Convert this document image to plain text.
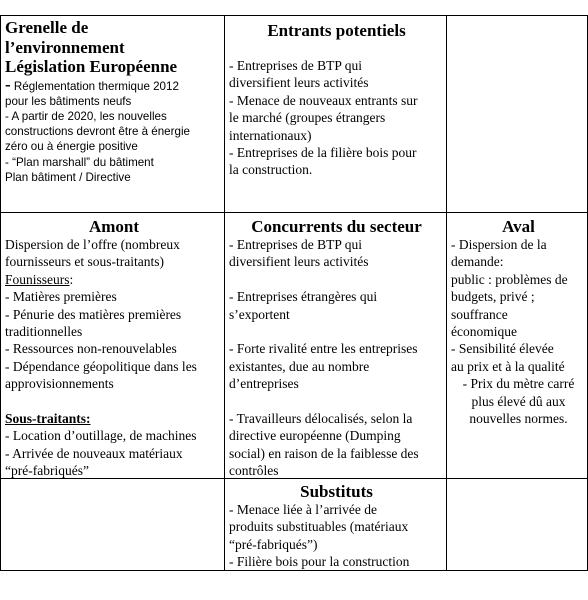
Grenelle de
l’environnement
Législation Européenne
- Réglementation thermique 2012
pour les bâtiments neufs
- A partir de 2020, les nouvelles
constructions devront être à énergie
zéro ou à énergie positive
- “Plan marshall” du bâtiment
Plan bâtiment / Directive
Entrants potentiels
- Entreprises de BTP qui
diversifient leurs activités
- Menace de nouveaux entrants sur
le marché (groupes étrangers
internationaux)
- Entreprises de la filière bois pour
la construction.
Amont
Dispersion de l’offre (nombreux
fournisseurs et sous-traitants)
Founisseurs:
- Matières premières
- Pénurie des matières premières
traditionnelles
- Ressources non-renouvelables
- Dépendance géopolitique dans les
approvisionnements
Sous-traitants:
- Location d’outillage, de machines
- Arrivée de nouveaux matériaux
“pré-fabriqués”
Concurrents du secteur
- Entreprises de BTP qui
diversifient leurs activités
- Entreprises étrangères qui
s’exportent
- Forte rivalité entre les entreprises
existantes, due au nombre
d’entreprises
- Travailleurs délocalisés, selon la
directive européenne (Dumping
social) en raison de la faiblesse des
contrôles
Aval
- Dispersion de la
demande:
public : problèmes de
budgets, privé ;
souffrance
économique
- Sensibilité élevée
au prix et à la qualité
- Prix du mètre carré
plus élevé dû aux
nouvelles normes.
Substituts
- Menace liée à l’arrivée de
produits substituables (matériaux
“pré-fabriqués”)
- Filière bois pour la construction
